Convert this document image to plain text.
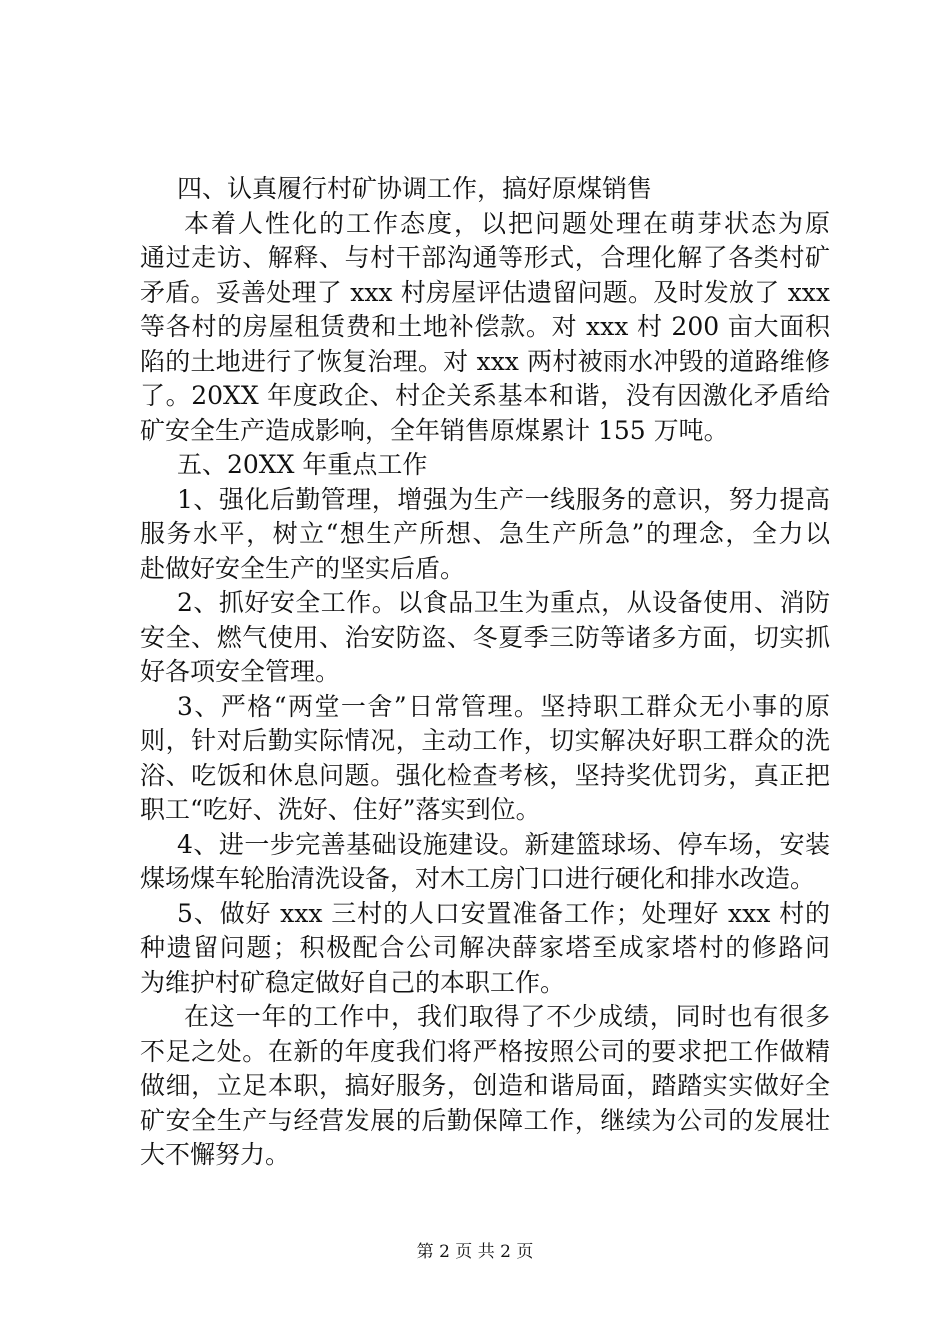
四、认真履行村矿协调工作，搞好原煤销售
本着人性化的工作态度，以把问题处理在萌芽状态为原
通过走访、解释、与村干部沟通等形式，合理化解了各类村矿
矛盾。妥善处理了 xxx 村房屋评估遗留问题。及时发放了 xxx
等各村的房屋租赁费和土地补偿款。对 xxx 村 200 亩大面积
陷的土地进行了恢复治理。对 xxx 两村被雨水冲毁的道路维修
了。20XX 年度政企、村企关系基本和谐，没有因激化矛盾给
矿安全生产造成影响，全年销售原煤累计 155 万吨。
五、20XX 年重点工作
1、强化后勤管理，增强为生产一线服务的意识，努力提高
服务水平，树立“想生产所想、急生产所急”的理念，全力以
赴做好安全生产的坚实后盾。
2、抓好安全工作。以食品卫生为重点，从设备使用、消防
安全、燃气使用、治安防盗、冬夏季三防等诸多方面，切实抓
好各项安全管理。
3、严格“两堂一舍”日常管理。坚持职工群众无小事的原
则，针对后勤实际情况，主动工作，切实解决好职工群众的洗
浴、吃饭和休息问题。强化检查考核，坚持奖优罚劣，真正把
职工“吃好、洗好、住好”落实到位。
4、进一步完善基础设施建设。新建篮球场、停车场，安装
煤场煤车轮胎清洗设备，对木工房门口进行硬化和排水改造。
5、做好 xxx 三村的人口安置准备工作；处理好 xxx 村的
种遗留问题；积极配合公司解决薛家塔至成家塔村的修路问
为维护村矿稳定做好自己的本职工作。
在这一年的工作中，我们取得了不少成绩，同时也有很多
不足之处。在新的年度我们将严格按照公司的要求把工作做精
做细，立足本职，搞好服务，创造和谐局面，踏踏实实做好全
矿安全生产与经营发展的后勤保障工作，继续为公司的发展壮
大不懈努力。
第 2 页 共 2 页
